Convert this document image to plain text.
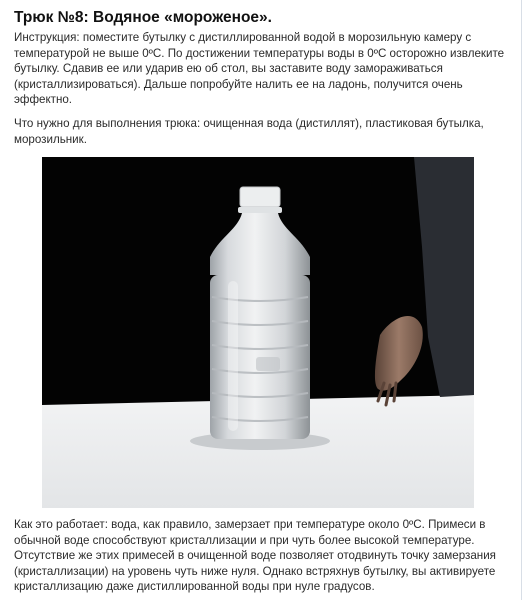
Трюк №8: Водяное «мороженое».
Инструкция: поместите бутылку с дистиллированной водой в морозильную камеру с температурой не выше 0ºС. По достижении температуры воды в 0ºС осторожно извлеките бутылку. Сдавив ее или ударив ею об стол, вы заставите воду замораживаться (кристаллизироваться). Дальше попробуйте налить ее на ладонь, получится очень эффектно.
Что нужно для выполнения трюка: очищенная вода (дистиллят), пластиковая бутылка, морозильник.
Как это работает: вода, как правило, замерзает при температуре около 0ºС. Примеси в обычной воде способствуют кристаллизации и при чуть более высокой температуре. Отсутствие же этих примесей в очищенной воде позволяет отодвинуть точку замерзания (кристаллизации) на уровень чуть ниже нуля. Однако встряхнув бутылку, вы активируете кристаллизацию даже дистиллированной воды при нуле градусов.
